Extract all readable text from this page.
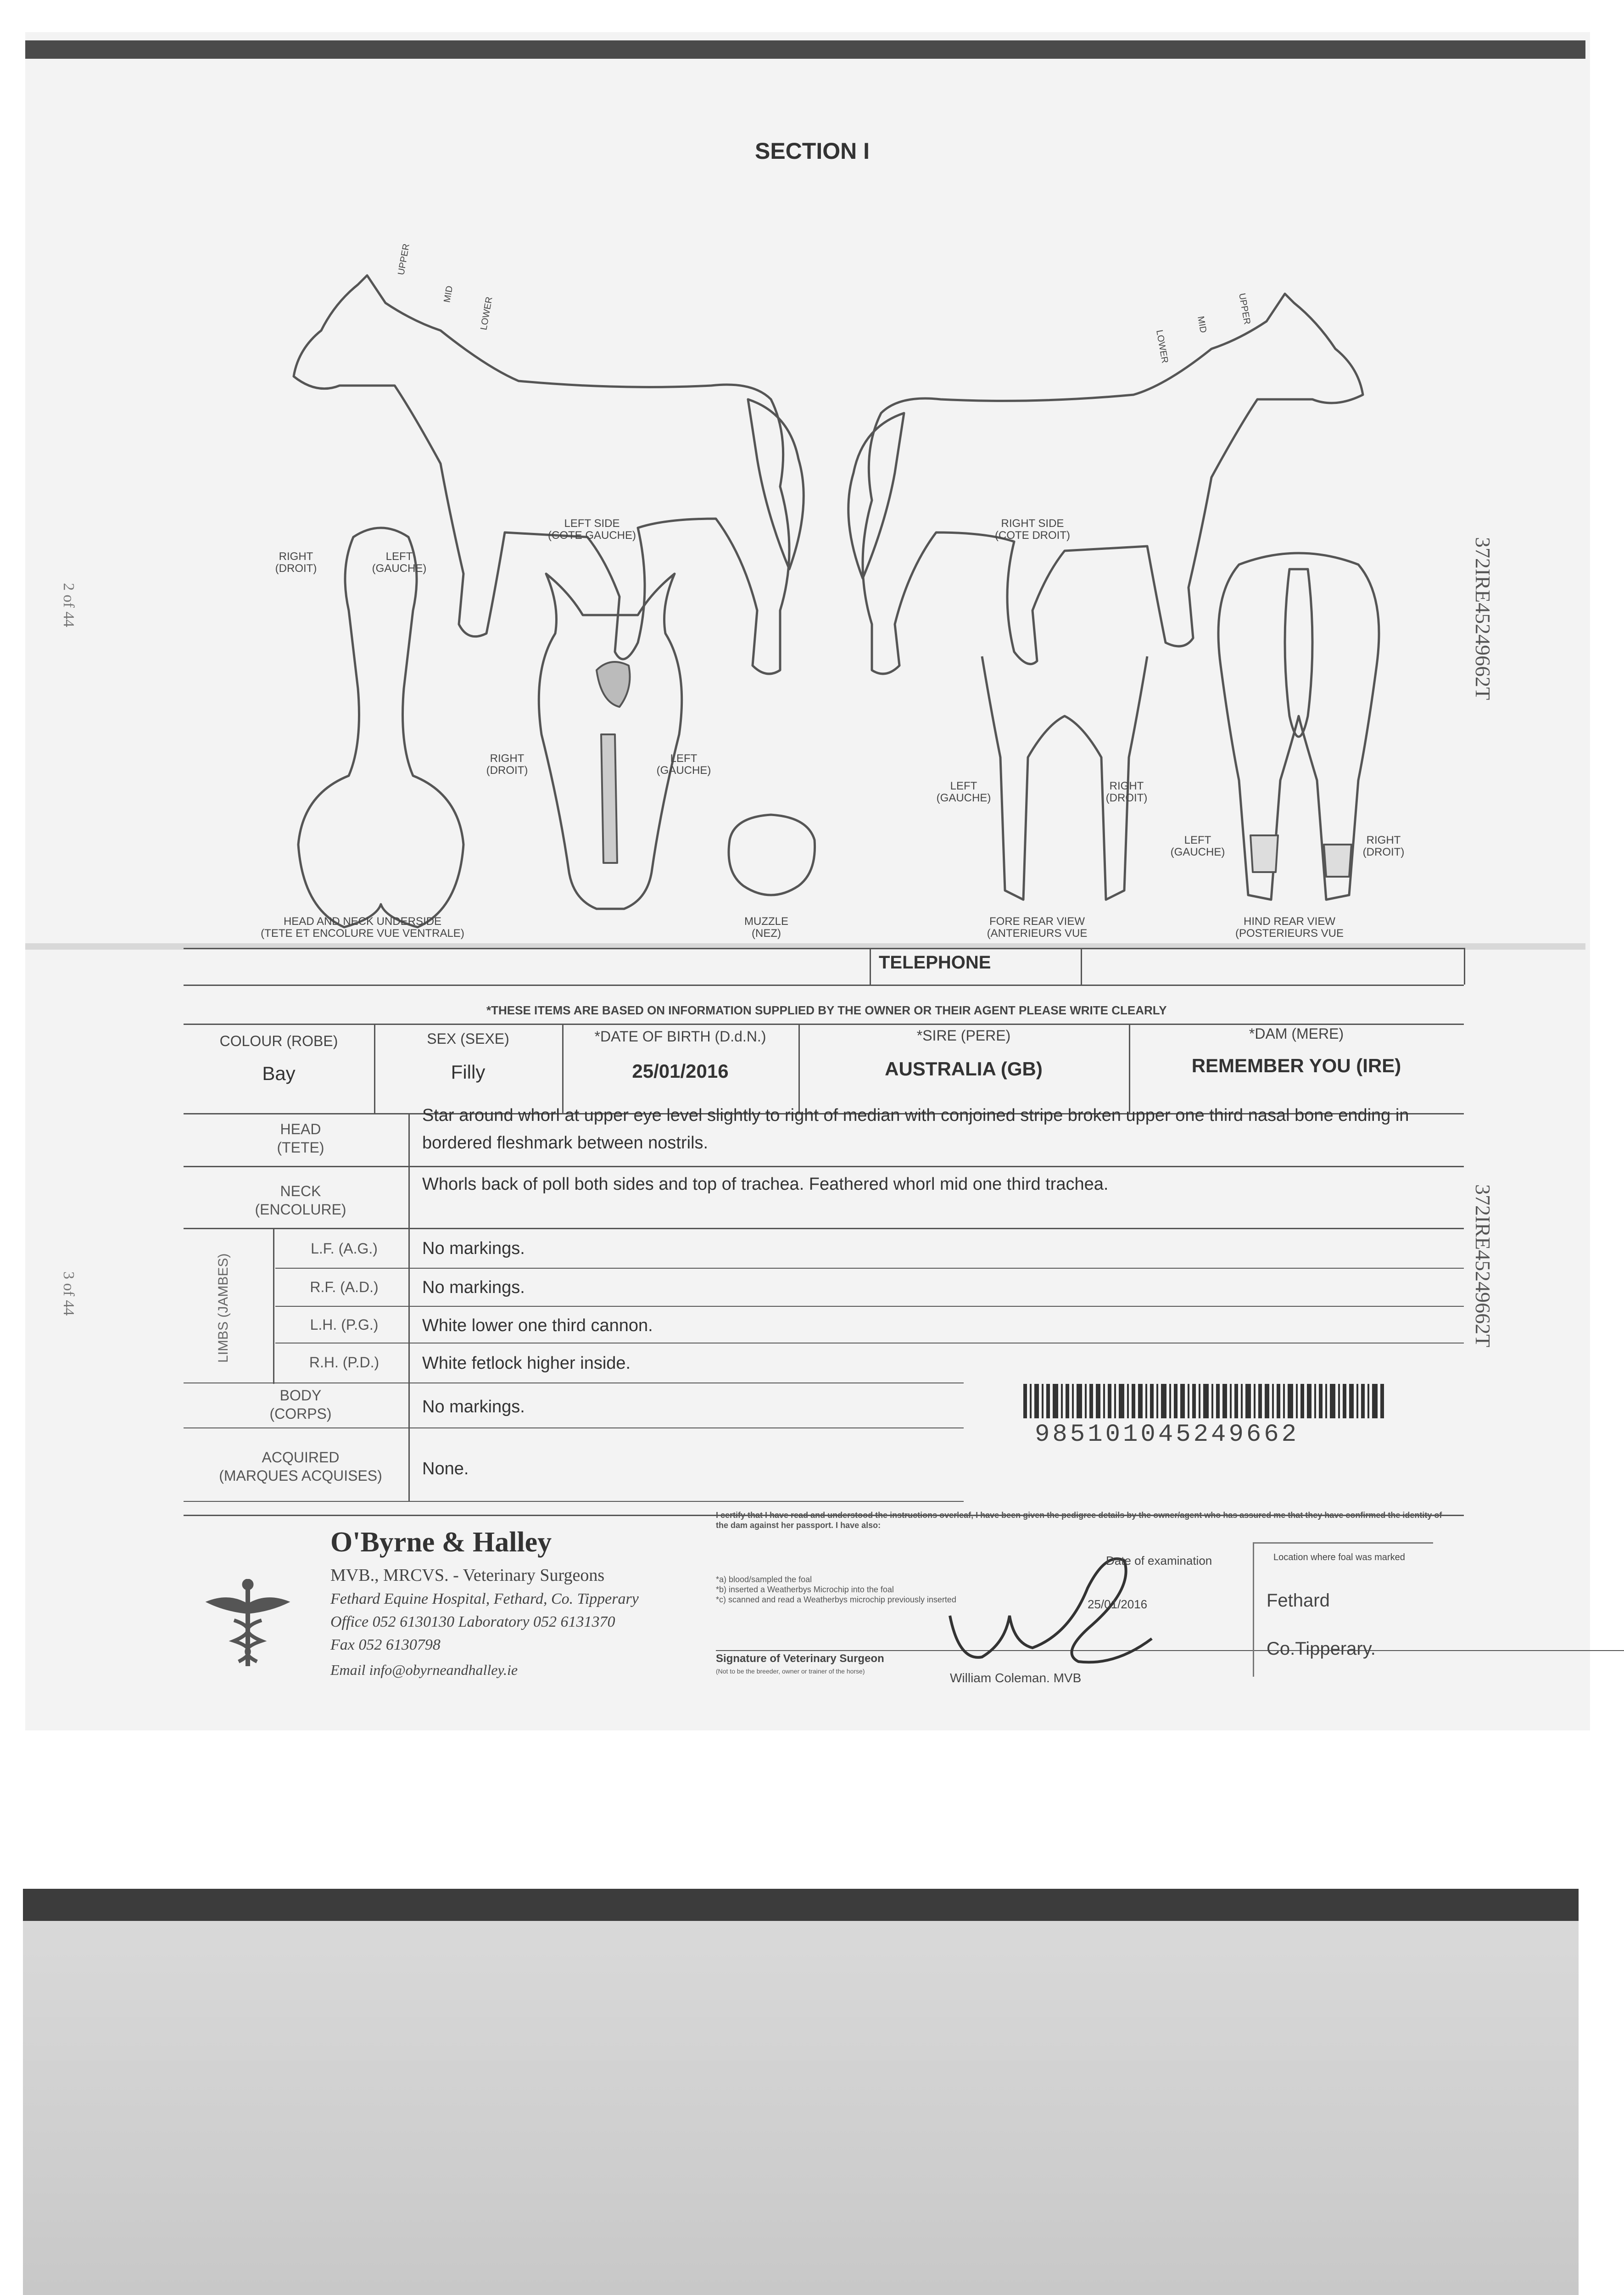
SECTION I
372IRE45249662T
372IRE45249662T
2 of 44
3 of 44
UPPER
MID
LOWER	UPPER
MID
LOWER
LEFT SIDE
(COTE GAUCHE)
RIGHT SIDE
(COTE DROIT)
RIGHT
(DROIT)
LEFT
(GAUCHE)
RIGHT
(DROIT)
LEFT
(GAUCHE)
LEFT
(GAUCHE)
RIGHT
(DROIT)
LEFT
(GAUCHE)
RIGHT
(DROIT)
HEAD AND NECK UNDERSIDE
(TETE ET ENCOLURE VUE VENTRALE)
MUZZLE
(NEZ)
FORE REAR VIEW
(ANTERIEURS VUE
HIND REAR VIEW
(POSTERIEURS VUE
TELEPHONE
*THESE ITEMS ARE BASED ON INFORMATION SUPPLIED BY THE OWNER OR THEIR AGENT PLEASE WRITE CLEARLY
COLOUR (ROBE)	SEX (SEXE)	*DATE OF BIRTH (D.d.N.)	*SIRE (PERE)	*DAM (MERE)
Bay	Filly	25/01/2016	AUSTRALIA (GB)	REMEMBER YOU (IRE)
HEAD
(TETE)
Star around whorl at upper eye level slightly to right of median with conjoined stripe broken upper one third nasal bone ending in bordered fleshmark between nostrils.
NECK
(ENCOLURE)
Whorls back of poll both sides and top of trachea. Feathered whorl mid one third trachea.
LIMBS (JAMBES)
L.F. (A.G.)	No markings.
R.F. (A.D.)	No markings.
L.H. (P.G.)	White lower one third cannon.
R.H. (P.D.)	White fetlock higher inside.
BODY
(CORPS)	No markings.
ACQUIRED
(MARQUES ACQUISES)	None.
985101045249662
O'Byrne & Halley
MVB., MRCVS. - Veterinary Surgeons
Fethard Equine Hospital, Fethard, Co. Tipperary
Office 052 6130130 Laboratory 052 6131370
Fax 052 6130798
Email info@obyrneandhalley.ie
I certify that I have read and understood the instructions overleaf, I have been given the pedigree details by the owner/agent who has assured me that they have confirmed the identity of the dam against her passport. I have also:
*a) blood/sampled the foal
*b) inserted a Weatherbys Microchip into the foal
*c) scanned and read a Weatherbys microchip previously inserted
Signature of Veterinary Surgeon
(Not to be the breeder, owner or trainer of the horse)
Date of examination
25/01/2016
William Coleman. MVB
Location where foal was marked
Fethard
Co.Tipperary.
